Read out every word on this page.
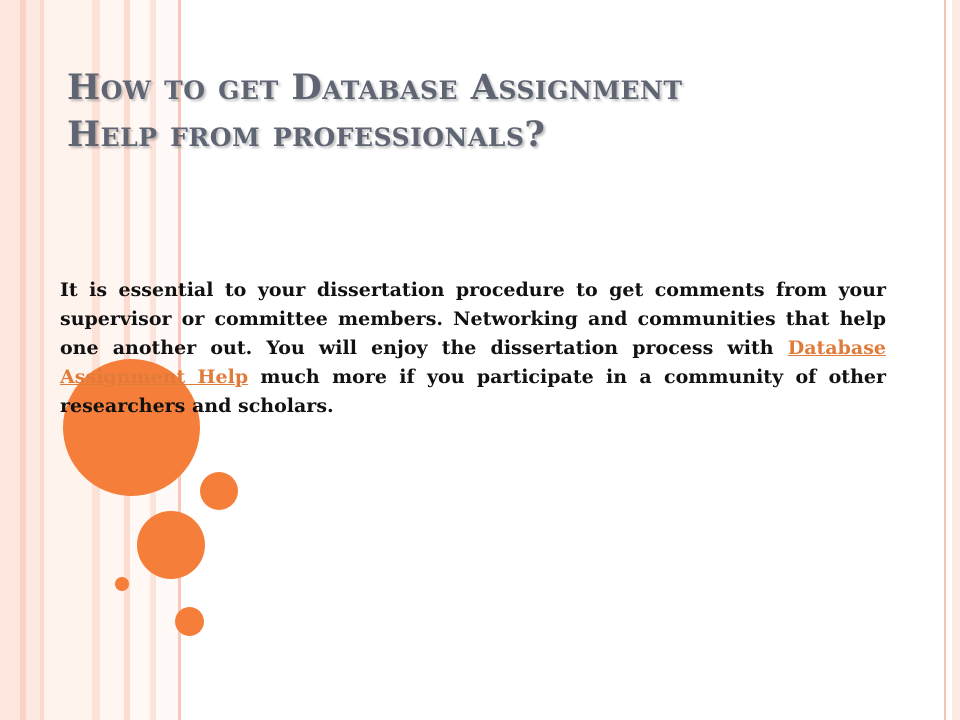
How to get Database Assignment
Help from professionals?

It is essential to your dissertation procedure to get comments from your supervisor or committee members. Networking and communities that help one another out. You will enjoy the dissertation process with Database Assignment Help much more if you participate in a community of other researchers and scholars.
